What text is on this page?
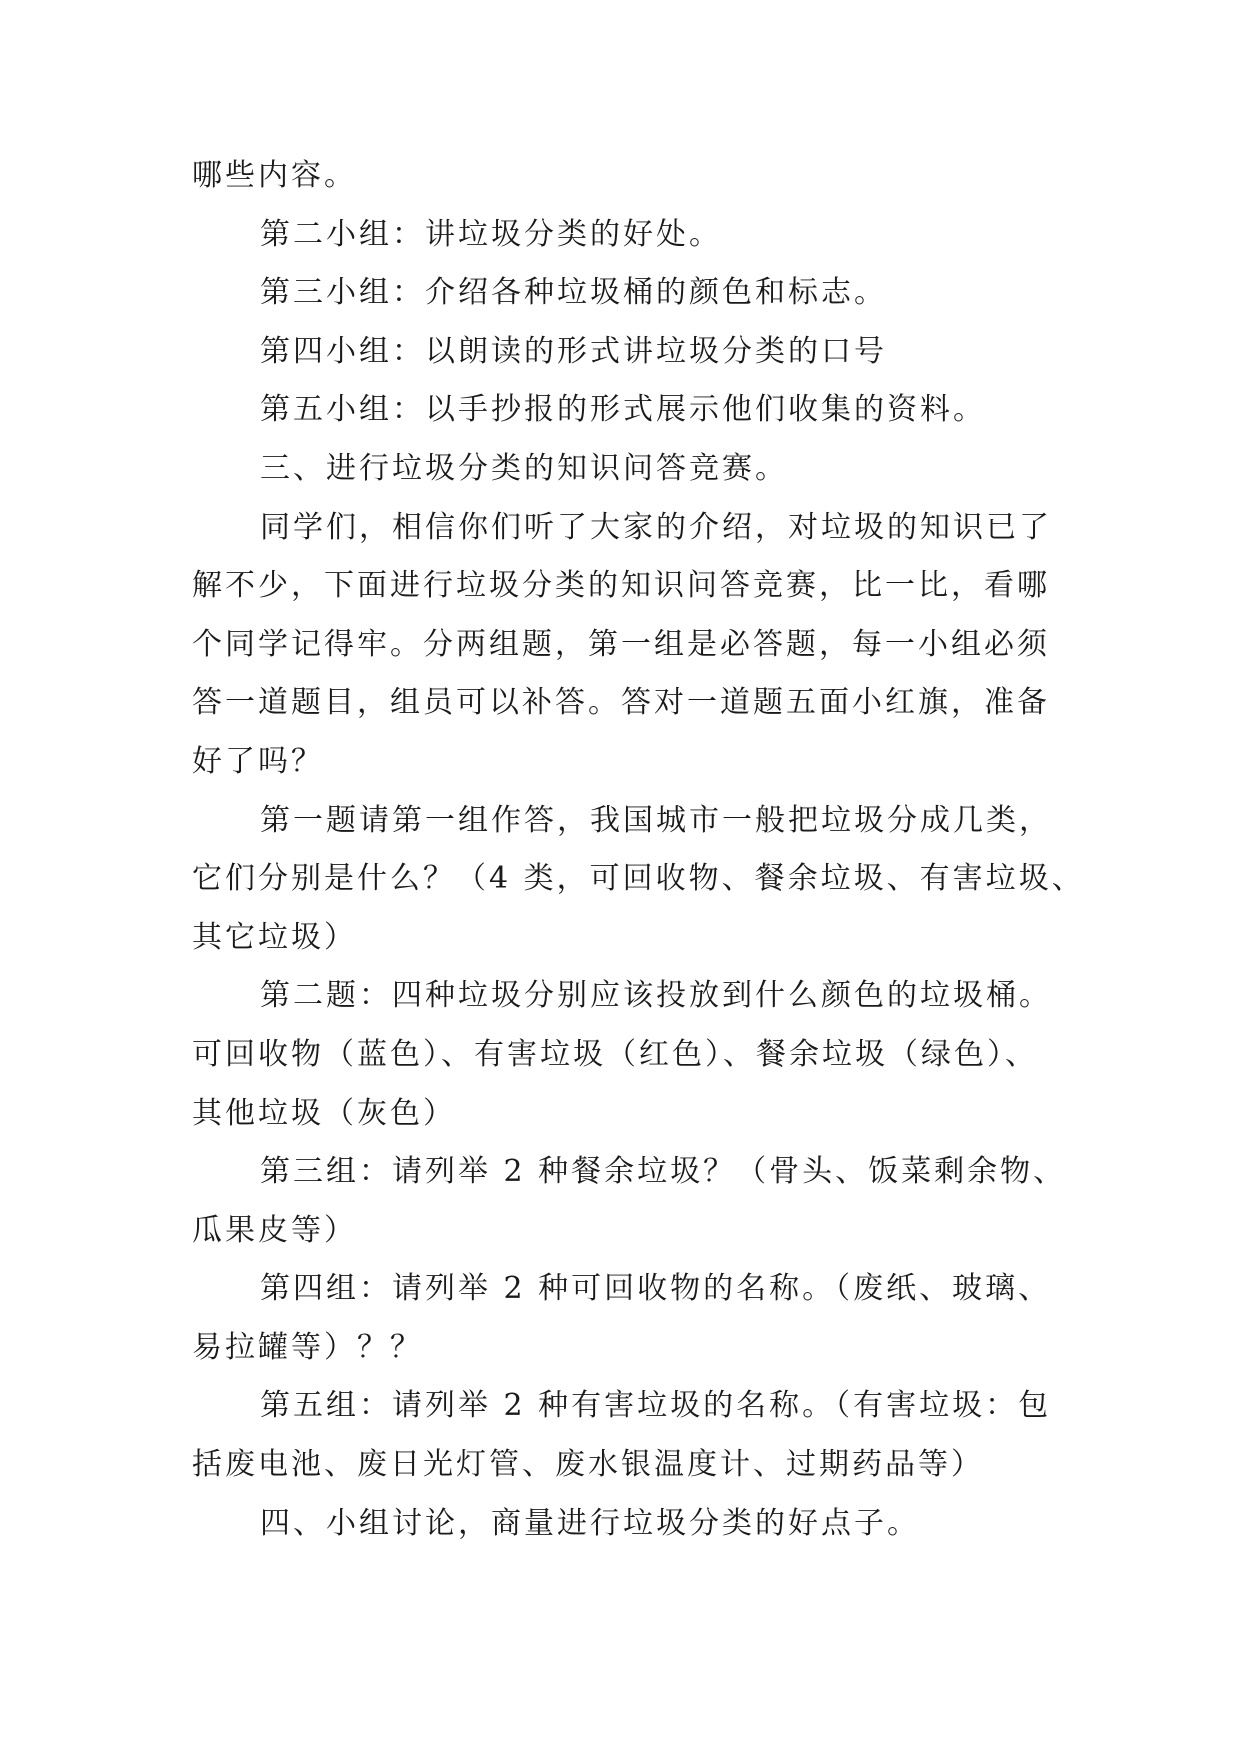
哪些内容。
第二小组：讲垃圾分类的好处。
第三小组：介绍各种垃圾桶的颜色和标志。
第四小组：以朗读的形式讲垃圾分类的口号
第五小组：以手抄报的形式展示他们收集的资料。
三、进行垃圾分类的知识问答竞赛。
同学们，相信你们听了大家的介绍，对垃圾的知识已了
解不少，下面进行垃圾分类的知识问答竞赛，比一比，看哪
个同学记得牢。分两组题，第一组是必答题，每一小组必须
答一道题目，组员可以补答。答对一道题五面小红旗，准备
好了吗？
第一题请第一组作答，我国城市一般把垃圾分成几类，
它们分别是什么？（4 类，可回收物、餐余垃圾、有害垃圾、
其它垃圾）
第二题：四种垃圾分别应该投放到什么颜色的垃圾桶。
可回收物（蓝色）、有害垃圾（红色）、餐余垃圾（绿色）、
其他垃圾（灰色）
第三组：请列举 2 种餐余垃圾？（骨头、饭菜剩余物、
瓜果皮等）
第四组：请列举 2 种可回收物的名称。（废纸、玻璃、
易拉罐等）？？
第五组：请列举 2 种有害垃圾的名称。（有害垃圾：包
括废电池、废日光灯管、废水银温度计、过期药品等）
四、小组讨论，商量进行垃圾分类的好点子。
